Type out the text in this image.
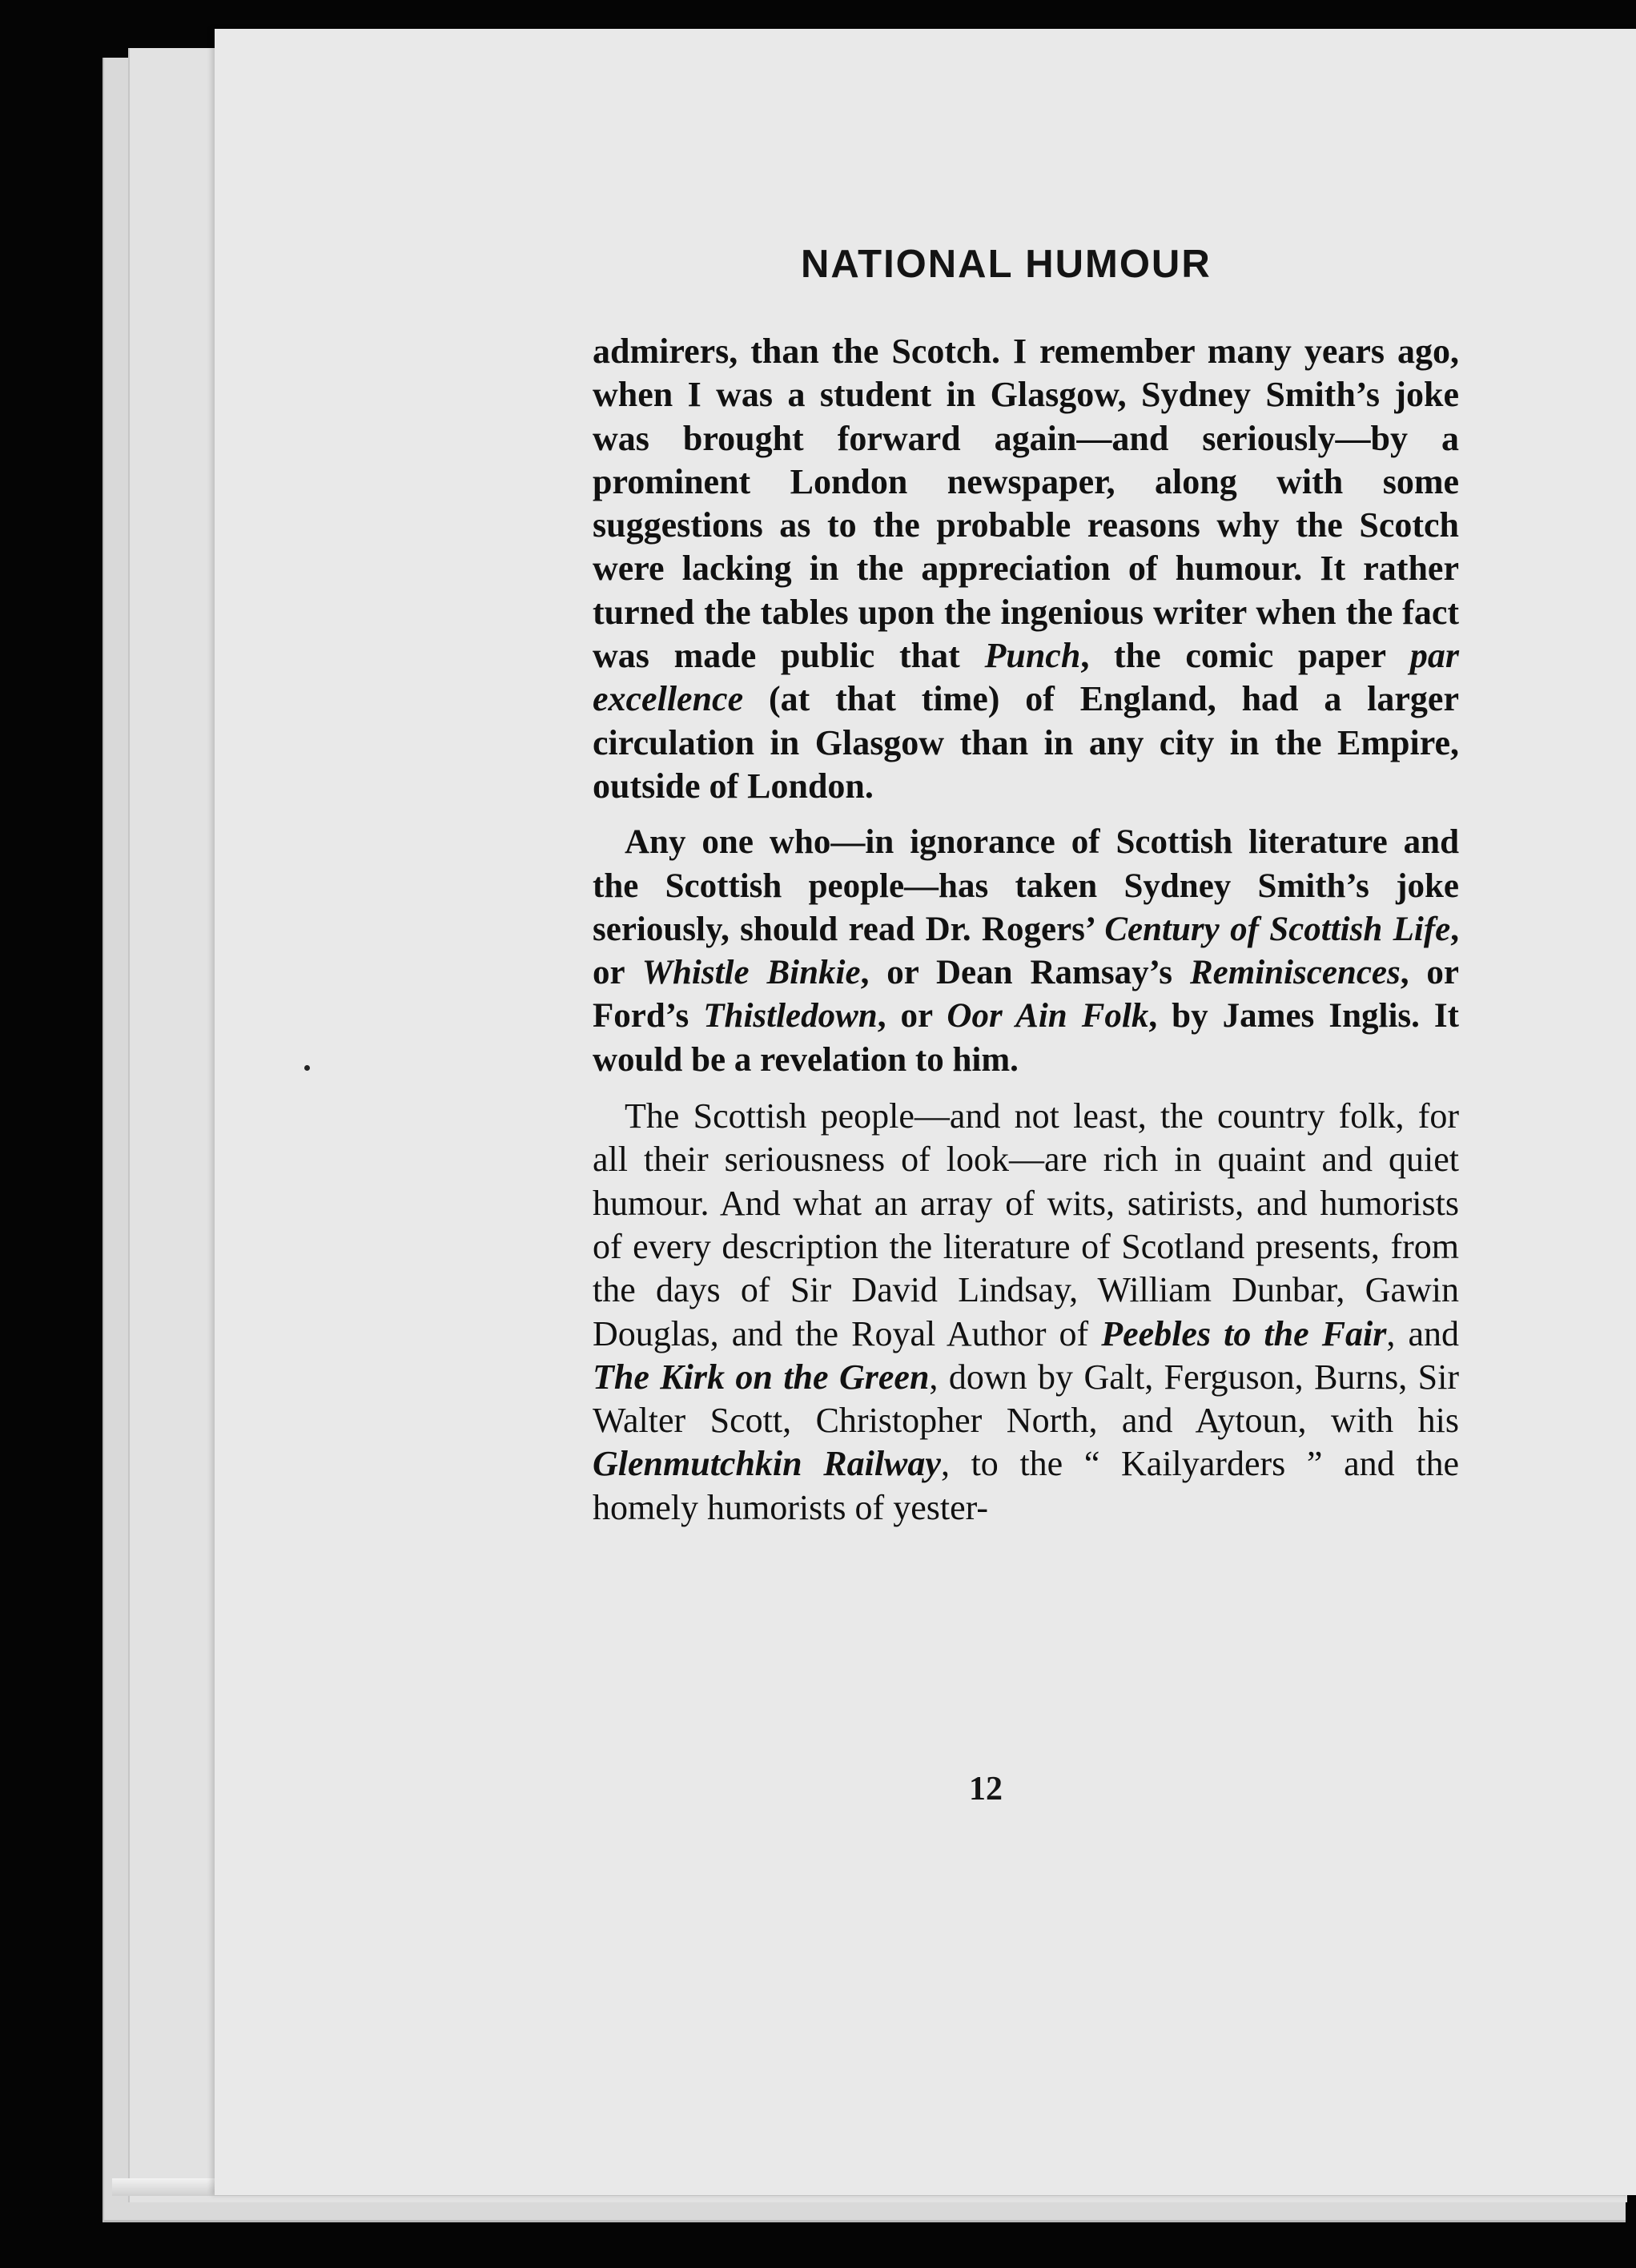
NATIONAL HUMOUR

admirers, than the Scotch. I remember many years ago, when I was a student in Glasgow, Sydney Smith’s joke was brought forward again—and seriously—by a prominent London newspaper, along with some suggestions as to the probable reasons why the Scotch were lacking in the appreciation of humour. It rather turned the tables upon the ingenious writer when the fact was made public that Punch, the comic paper par excellence (at that time) of England, had a larger circulation in Glasgow than in any city in the Empire, outside of London.

Any one who—in ignorance of Scottish literature and the Scottish people—has taken Sydney Smith’s joke seriously, should read Dr. Rogers’ Century of Scottish Life, or Whistle Binkie, or Dean Ramsay’s Reminiscences, or Ford’s Thistledown, or Oor Ain Folk, by James Inglis. It would be a revelation to him.

The Scottish people—and not least, the country folk, for all their seriousness of look—are rich in quaint and quiet humour. And what an array of wits, satirists, and humorists of every description the literature of Scotland presents, from the days of Sir David Lindsay, William Dunbar, Gawin Douglas, and the Royal Author of Peebles to the Fair, and The Kirk on the Green, down by Galt, Ferguson, Burns, Sir Walter Scott, Christopher North, and Aytoun, with his Glenmutchkin Railway, to the “ Kailyarders ” and the homely humorists of yester-

12
